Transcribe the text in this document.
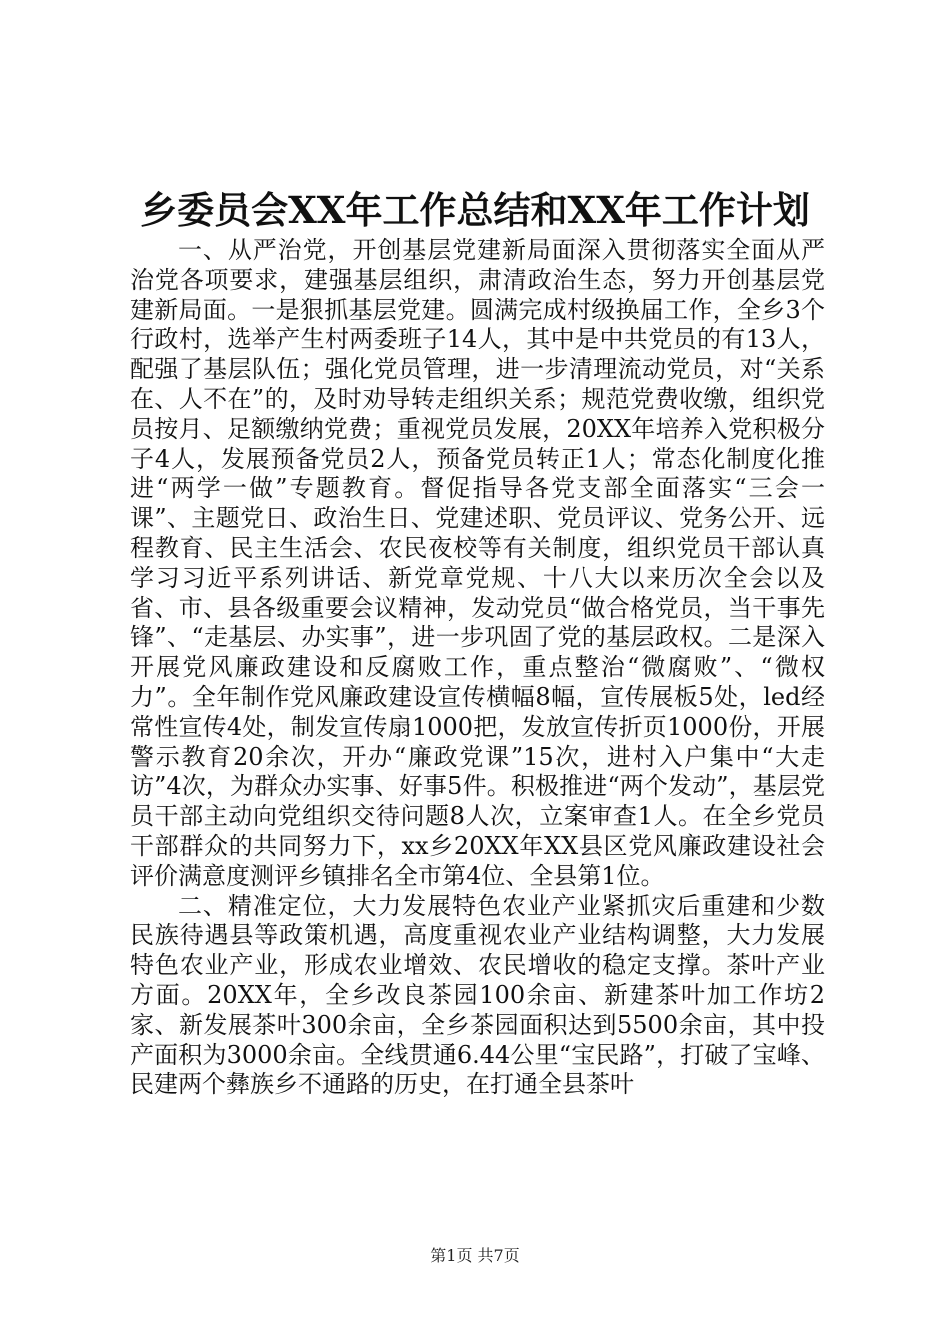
乡委员会XX年工作总结和XX年工作计划

一、从严治党，开创基层党建新局面深入贯彻落实全面从严治党各项要求，建强基层组织，肃清政治生态，努力开创基层党建新局面。一是狠抓基层党建。圆满完成村级换届工作，全乡3个行政村，选举产生村两委班子14人，其中是中共党员的有13人，配强了基层队伍；强化党员管理，进一步清理流动党员，对“关系在、人不在”的，及时劝导转走组织关系；规范党费收缴，组织党员按月、足额缴纳党费；重视党员发展，20XX年培养入党积极分子4人，发展预备党员2人，预备党员转正1人；常态化制度化推进“两学一做”专题教育。督促指导各党支部全面落实“三会一课”、主题党日、政治生日、党建述职、党员评议、党务公开、远程教育、民主生活会、农民夜校等有关制度，组织党员干部认真学习习近平系列讲话、新党章党规、十八大以来历次全会以及省、市、县各级重要会议精神，发动党员“做合格党员，当干事先锋”、“走基层、办实事”，进一步巩固了党的基层政权。二是深入开展党风廉政建设和反腐败工作，重点整治“微腐败”、“微权力”。全年制作党风廉政建设宣传横幅8幅，宣传展板5处，led经常性宣传4处，制发宣传扇1000把，发放宣传折页1000份，开展警示教育20余次，开办“廉政党课”15次，进村入户集中“大走访”4次，为群众办实事、好事5件。积极推进“两个发动”，基层党员干部主动向党组织交待问题8人次，立案审查1人。在全乡党员干部群众的共同努力下，xx乡20XX年XX县区党风廉政建设社会评价满意度测评乡镇排名全市第4位、全县第1位。

二、精准定位，大力发展特色农业产业紧抓灾后重建和少数民族待遇县等政策机遇，高度重视农业产业结构调整，大力发展特色农业产业，形成农业增效、农民增收的稳定支撑。茶叶产业方面。20XX年，全乡改良茶园100余亩、新建茶叶加工作坊2家、新发展茶叶300余亩，全乡茶园面积达到5500余亩，其中投产面积为3000余亩。全线贯通6.44公里“宝民路”，打破了宝峰、民建两个彝族乡不通路的历史，在打通全县茶叶

第1页 共7页
